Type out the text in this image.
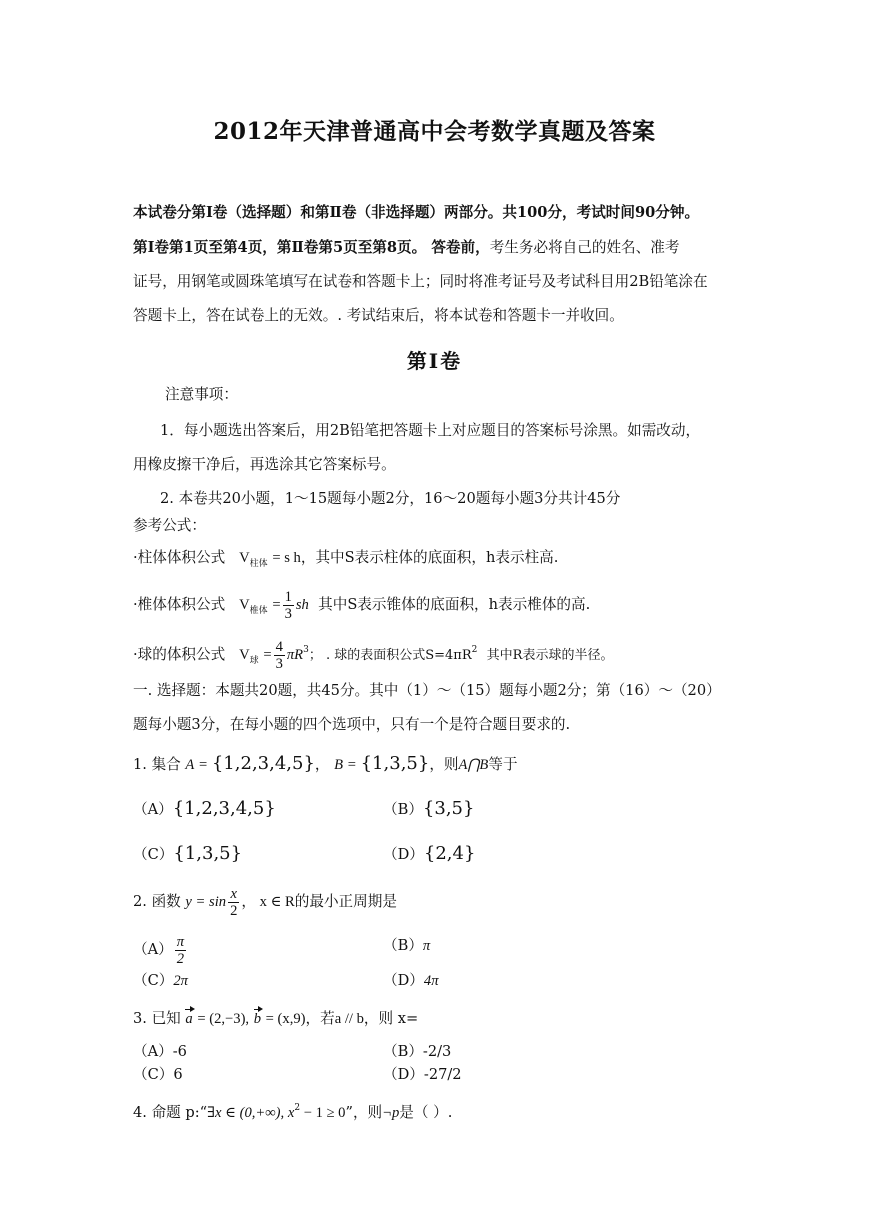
2012年天津普通高中会考数学真题及答案
本试卷分第Ⅰ卷（选择题）和第Ⅱ卷（非选择题）两部分。共100分，考试时间90分钟。
第Ⅰ卷第1页至第4页，第Ⅱ卷第5页至第8页。 答卷前，考生务必将自己的姓名、准考
证号，用钢笔或圆珠笔填写在试卷和答题卡上；同时将准考证号及考试科目用2B铅笔涂在
答题卡上，答在试卷上的无效。. 考试结束后，将本试卷和答题卡一并收回。
第Ⅰ卷
注意事项：
1．每小题选出答案后，用2B铅笔把答题卡上对应题目的答案标号涂黑。如需改动，
用橡皮擦干净后，再选涂其它答案标号。
2. 本卷共20小题，1～15题每小题2分，16～20题每小题3分共计45分
参考公式：
·柱体体积公式 $V_{柱体} = s$ h，其中S表示柱体的底面积，h表示柱高.
·椎体体积公式 $V_{椎体} = \frac{1}{3}$ sh 其中S表示锥体的底面积，h表示椎体的高.
·球的体积公式 $V_球 = \frac{4}{3} \pi R^3$； . 球的表面积公式$S=4\pi R^2$ 其中R表示球的半径。
一. 选择题：本题共20题，共45分。其中（1）～（15）题每小题2分；第（16）～（20）
题每小题3分，在每小题的四个选项中，只有一个是符合题目要求的.
1. 集合 A = {1,2,3,4,5}， B = {1,3,5}，则A⋂B等于
（A）{1,2,3,4,5}	（B）{3,5}
（C）{1,3,5}	（D）{2,4}
2. 函数 $y = \sin \frac{x}{2}$ ， x ∈ R的最小正周期是
$(A) \frac{\pi}{2}$	（B）π
（C）2π	（D）4π
3. 已知 a = (2,−3), b = (x,9)，若a // b，则 x=
（A）-6	（B）-2/3
（C）6	（D）-27/2
4. 命题 p:“∃x ∈ (0,+∞), $x^2 - 1 \ge 0$”，则¬p是（ ）.
